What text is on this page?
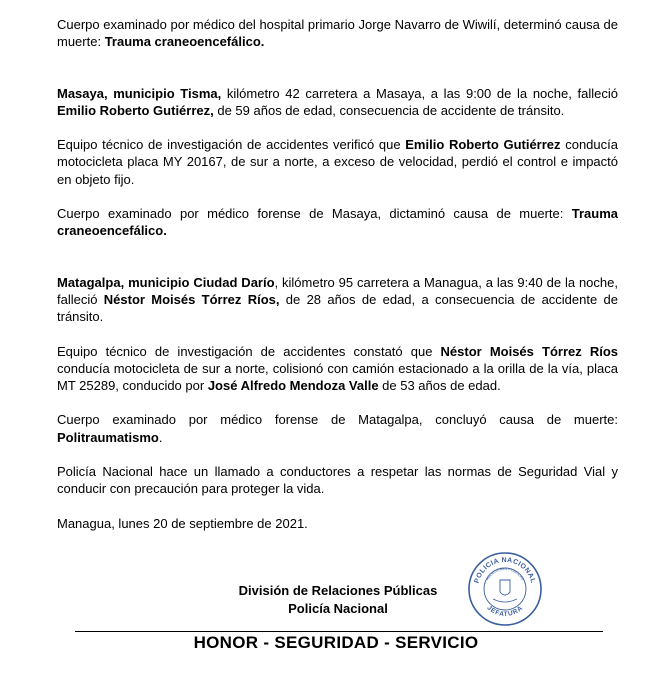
Cuerpo examinado por médico del hospital primario Jorge Navarro de Wiwilí, determinó causa de muerte: Trauma craneoencefálico.

Masaya, municipio Tisma, kilómetro 42 carretera a Masaya, a las 9:00 de la noche, falleció Emilio Roberto Gutiérrez, de 59 años de edad, consecuencia de accidente de tránsito.

Equipo técnico de investigación de accidentes verificó que Emilio Roberto Gutiérrez conducía motocicleta placa MY 20167, de sur a norte, a exceso de velocidad, perdió el control e impactó en objeto fijo.

Cuerpo examinado por médico forense de Masaya, dictaminó causa de muerte: Trauma craneoencefálico.

Matagalpa, municipio Ciudad Darío, kilómetro 95 carretera a Managua, a las 9:40 de la noche, falleció Néstor Moisés Tórrez Ríos, de 28 años de edad, a consecuencia de accidente de tránsito.

Equipo técnico de investigación de accidentes constató que Néstor Moisés Tórrez Ríos conducía motocicleta de sur a norte, colisionó con camión estacionado a la orilla de la vía, placa MT 25289, conducido por José Alfredo Mendoza Valle de 53 años de edad.

Cuerpo examinado por médico forense de Matagalpa, concluyó causa de muerte: Politraumatismo.

Policía Nacional hace un llamado a conductores a respetar las normas de Seguridad Vial y conducir con precaución para proteger la vida.

Managua, lunes 20 de septiembre de 2021.

División de Relaciones Públicas
Policía Nacional
POLICIA NACIONAL
RELACIONES PUBLICAS
JEFATURA
HONOR - SEGURIDAD - SERVICIO
